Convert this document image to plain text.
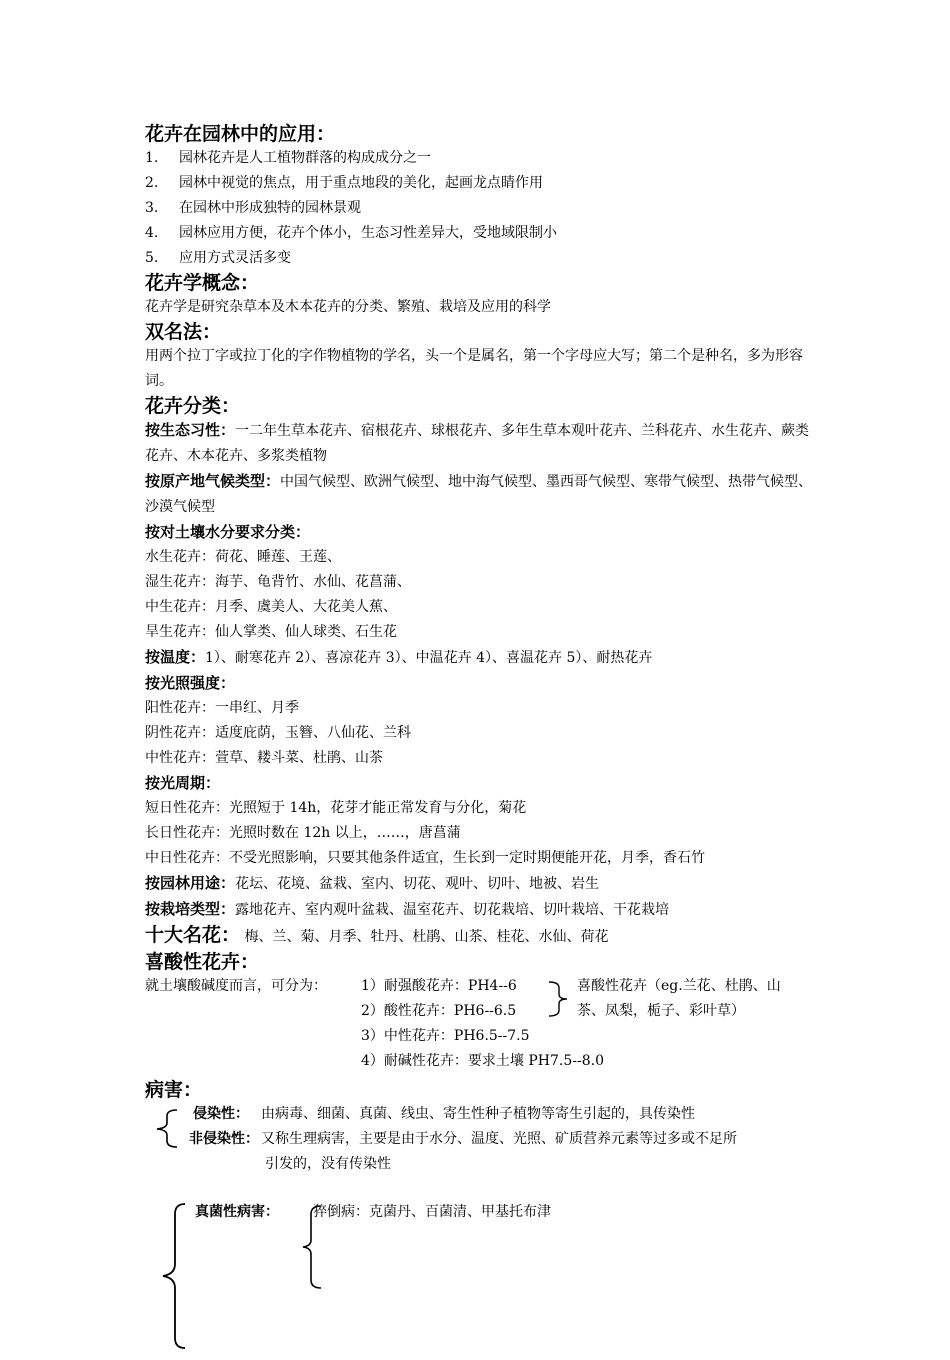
花卉在园林中的应用：
1. 园林花卉是人工植物群落的构成成分之一
2. 园林中视觉的焦点，用于重点地段的美化，起画龙点睛作用
3. 在园林中形成独特的园林景观
4. 园林应用方便，花卉个体小，生态习性差异大，受地域限制小
5. 应用方式灵活多变
花卉学概念：
花卉学是研究杂草本及木本花卉的分类、繁殖、栽培及应用的科学
双名法：
用两个拉丁字或拉丁化的字作物植物的学名，头一个是属名，第一个字母应大写；第二个是种名，多为形容词。
花卉分类：
按生态习性：一二年生草本花卉、宿根花卉、球根花卉、多年生草本观叶花卉、兰科花卉、水生花卉、蕨类花卉、木本花卉、多浆类植物
按原产地气候类型：中国气候型、欧洲气候型、地中海气候型、墨西哥气候型、寒带气候型、热带气候型、沙漠气候型
按对土壤水分要求分类：
水生花卉：荷花、睡莲、王莲、
湿生花卉：海芋、龟背竹、水仙、花菖蒲、
中生花卉：月季、虞美人、大花美人蕉、
旱生花卉：仙人掌类、仙人球类、石生花
按温度：1）、耐寒花卉 2）、喜凉花卉 3）、中温花卉 4）、喜温花卉 5）、耐热花卉
按光照强度：
阳性花卉：一串红、月季
阴性花卉：适度庇荫，玉簪、八仙花、兰科
中性花卉：萱草、耧斗菜、杜鹃、山茶
按光周期：
短日性花卉：光照短于 14h，花芽才能正常发育与分化，菊花
长日性花卉：光照时数在 12h 以上，……，唐菖蒲
中日性花卉：不受光照影响，只要其他条件适宜，生长到一定时期便能开花，月季，香石竹
按园林用途：花坛、花境、盆栽、室内、切花、观叶、切叶、地被、岩生
按栽培类型：露地花卉、室内观叶盆栽、温室花卉、切花栽培、切叶栽培、干花栽培
十大名花： 梅、兰、菊、月季、牡丹、杜鹃、山茶、桂花、水仙、荷花
喜酸性花卉：
就土壤酸碱度而言，可分为： 1）耐强酸花卉：PH4--6
2）酸性花卉：PH6--6.5
3）中性花卉：PH6.5--7.5
4）耐碱性花卉：要求土壤 PH7.5--8.0
喜酸性花卉（eg.兰花、杜鹃、山
茶、凤梨，栀子、彩叶草）
病害：
侵染性： 由病毒、细菌、真菌、线虫、寄生性种子植物等寄生引起的，具传染性
非侵染性： 又称生理病害，主要是由于水分、温度、光照、矿质营养元素等过多或不足所
引发的，没有传染性
真菌性病害： 猝倒病：克菌丹、百菌清、甲基托布津
